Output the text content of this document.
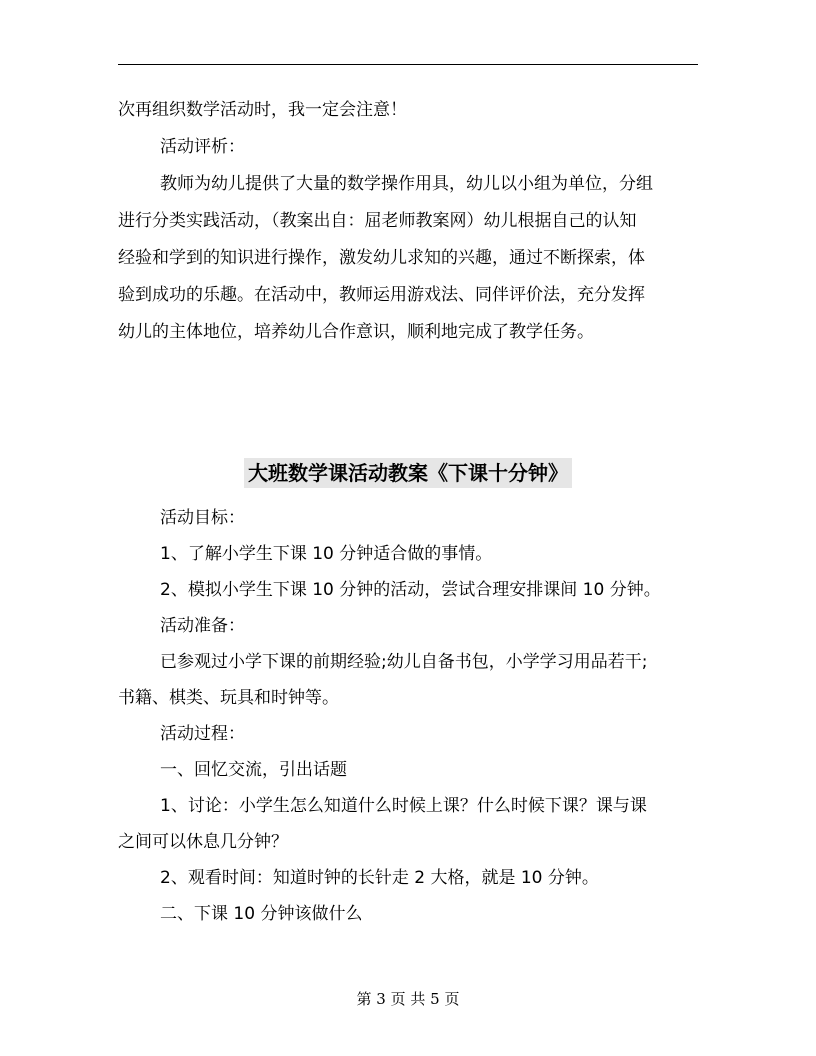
次再组织数学活动时，我一定会注意！
活动评析：
教师为幼儿提供了大量的数学操作用具，幼儿以小组为单位，分组
进行分类实践活动，（教案出自：屈老师教案网）幼儿根据自己的认知
经验和学到的知识进行操作，激发幼儿求知的兴趣，通过不断探索，体
验到成功的乐趣。在活动中，教师运用游戏法、同伴评价法，充分发挥
幼儿的主体地位，培养幼儿合作意识，顺利地完成了教学任务。
大班数学课活动教案《下课十分钟》
活动目标：
1、了解小学生下课 10 分钟适合做的事情。
2、模拟小学生下课 10 分钟的活动，尝试合理安排课间 10 分钟。
活动准备：
已参观过小学下课的前期经验;幼儿自备书包，小学学习用品若干;
书籍、棋类、玩具和时钟等。
活动过程：
一、回忆交流，引出话题
1、讨论：小学生怎么知道什么时候上课？什么时候下课？课与课
之间可以休息几分钟？
2、观看时间：知道时钟的长针走 2 大格，就是 10 分钟。
二、下课 10 分钟该做什么
第 3 页 共 5 页
